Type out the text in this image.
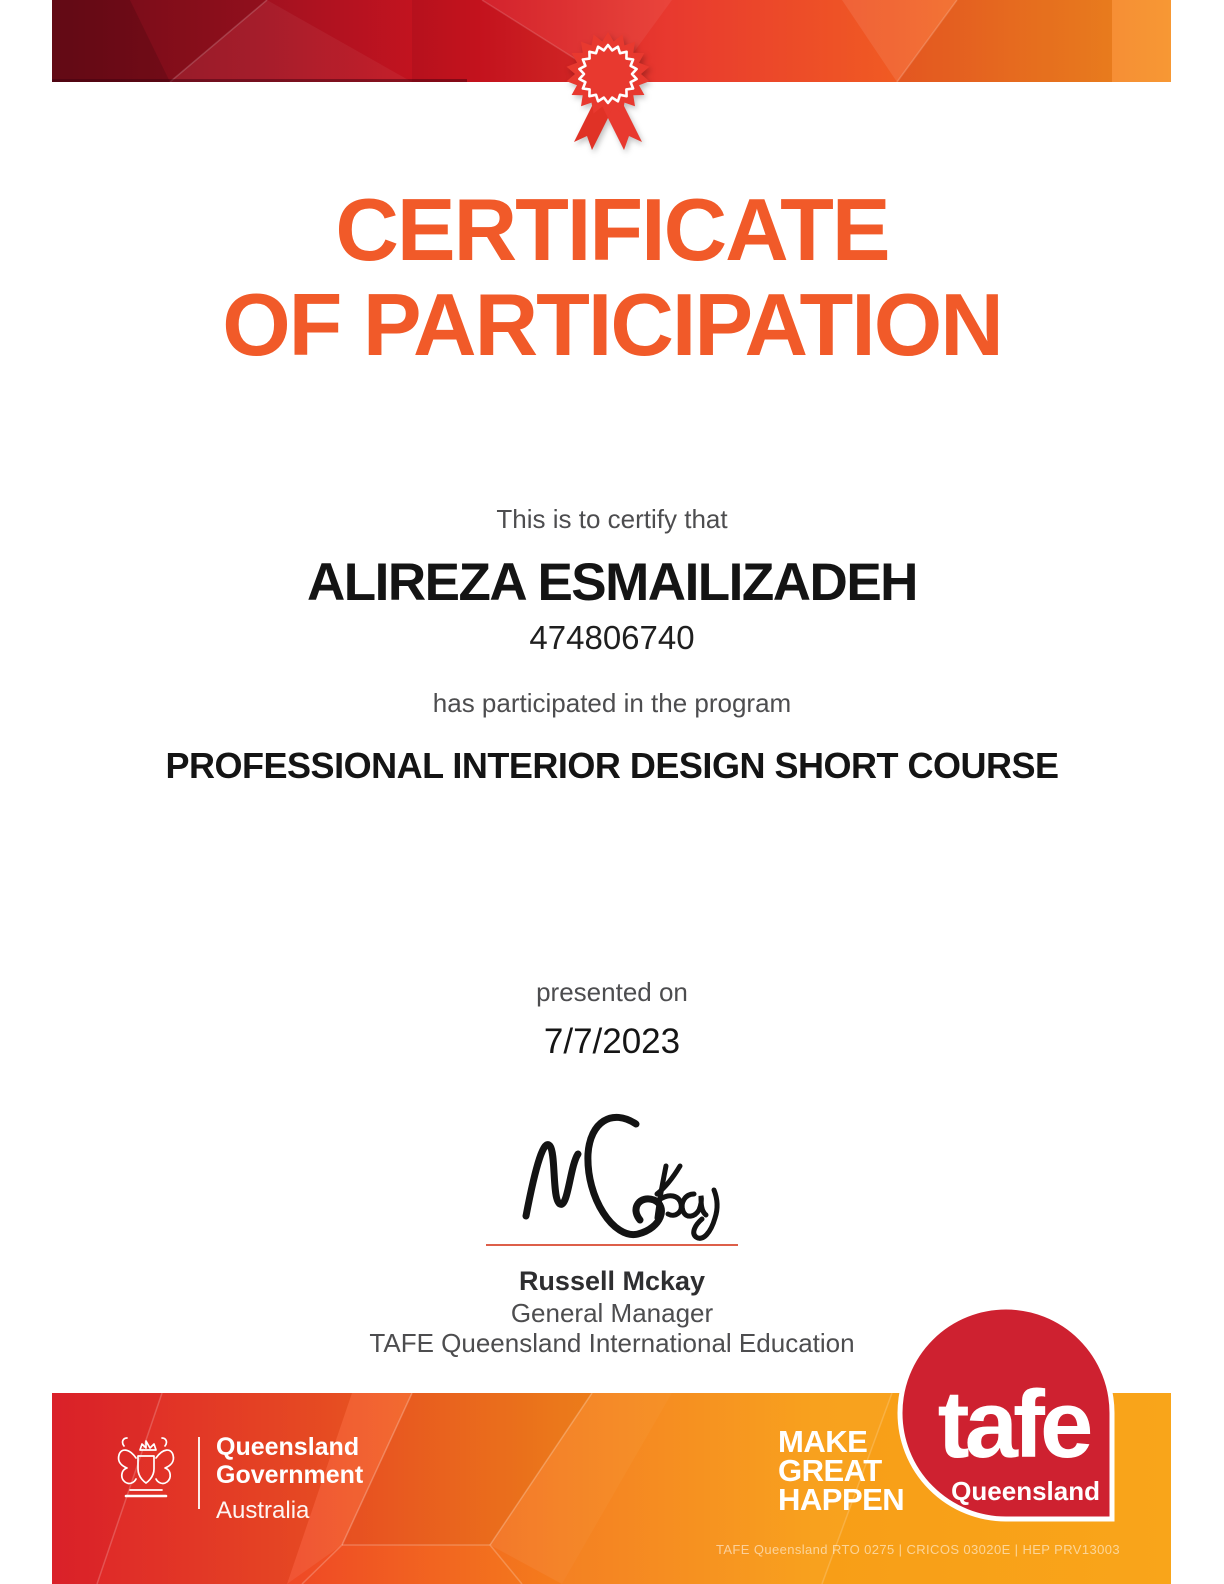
CERTIFICATE
OF PARTICIPATION
This is to certify that
ALIREZA ESMAILIZADEH
474806740
has participated in the program
PROFESSIONAL INTERIOR DESIGN SHORT COURSE
presented on
7/7/2023
Russell Mckay
General Manager
TAFE Queensland International Education
Queensland
Government
Australia
MAKE
GREAT
HAPPEN
tafe
Queensland
TAFE Queensland RTO 0275 | CRICOS 03020E | HEP PRV13003
